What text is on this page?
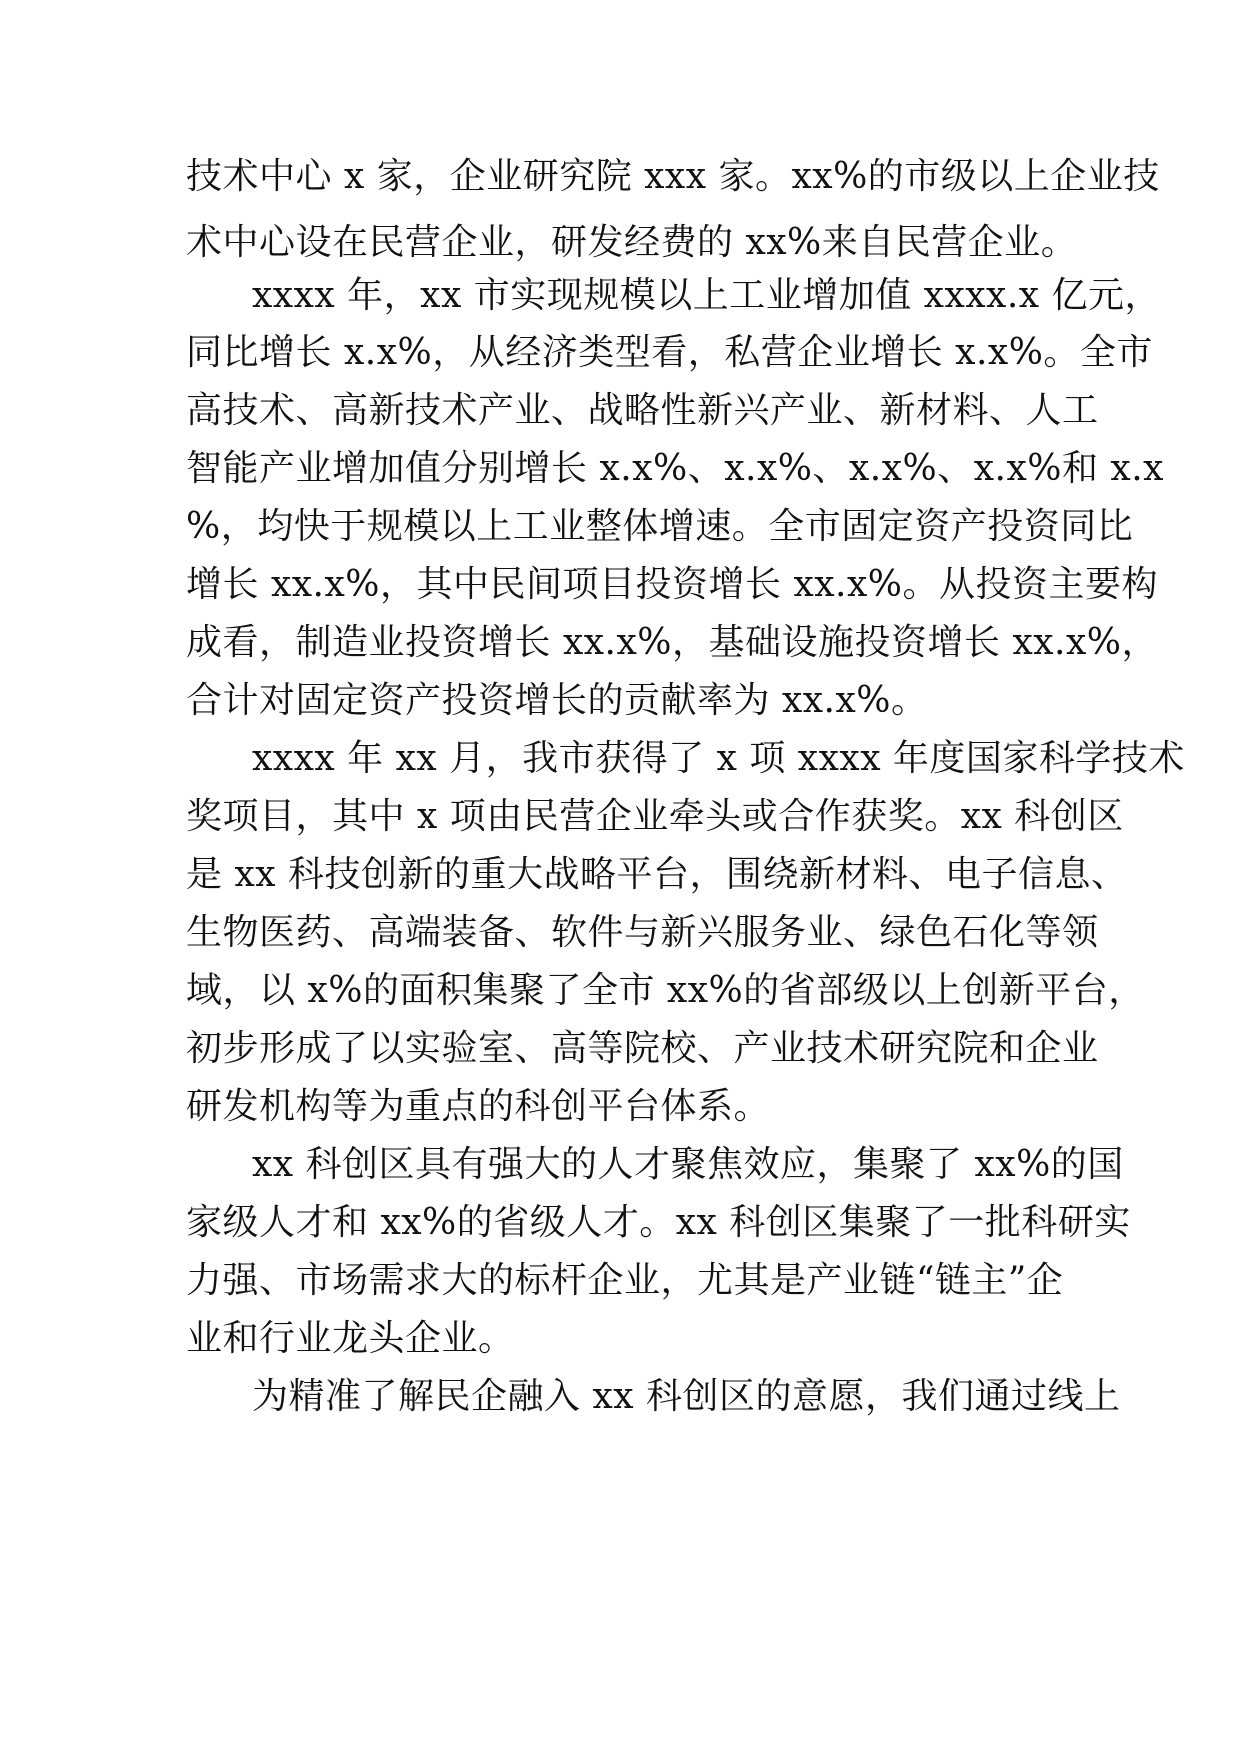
技术中心 x 家，企业研究院 xxx 家。xx%的市级以上企业技
术中心设在民营企业，研发经费的 xx%来自民营企业。
xxxx 年，xx 市实现规模以上工业增加值 xxxx.x 亿元，
同比增长 x.x%，从经济类型看，私营企业增长 x.x%。全市
高技术、高新技术产业、战略性新兴产业、新材料、人工
智能产业增加值分别增长 x.x%、x.x%、x.x%、x.x%和 x.x
%，均快于规模以上工业整体增速。全市固定资产投资同比
增长 xx.x%，其中民间项目投资增长 xx.x%。从投资主要构
成看，制造业投资增长 xx.x%，基础设施投资增长 xx.x%，
合计对固定资产投资增长的贡献率为 xx.x%。
xxxx 年 xx 月，我市获得了 x 项 xxxx 年度国家科学技术
奖项目，其中 x 项由民营企业牵头或合作获奖。xx 科创区
是 xx 科技创新的重大战略平台，围绕新材料、电子信息、
生物医药、高端装备、软件与新兴服务业、绿色石化等领
域，以 x%的面积集聚了全市 xx%的省部级以上创新平台，
初步形成了以实验室、高等院校、产业技术研究院和企业
研发机构等为重点的科创平台体系。
xx 科创区具有强大的人才聚焦效应，集聚了 xx%的国
家级人才和 xx%的省级人才。xx 科创区集聚了一批科研实
力强、市场需求大的标杆企业，尤其是产业链“链主”企
业和行业龙头企业。
为精准了解民企融入 xx 科创区的意愿，我们通过线上
